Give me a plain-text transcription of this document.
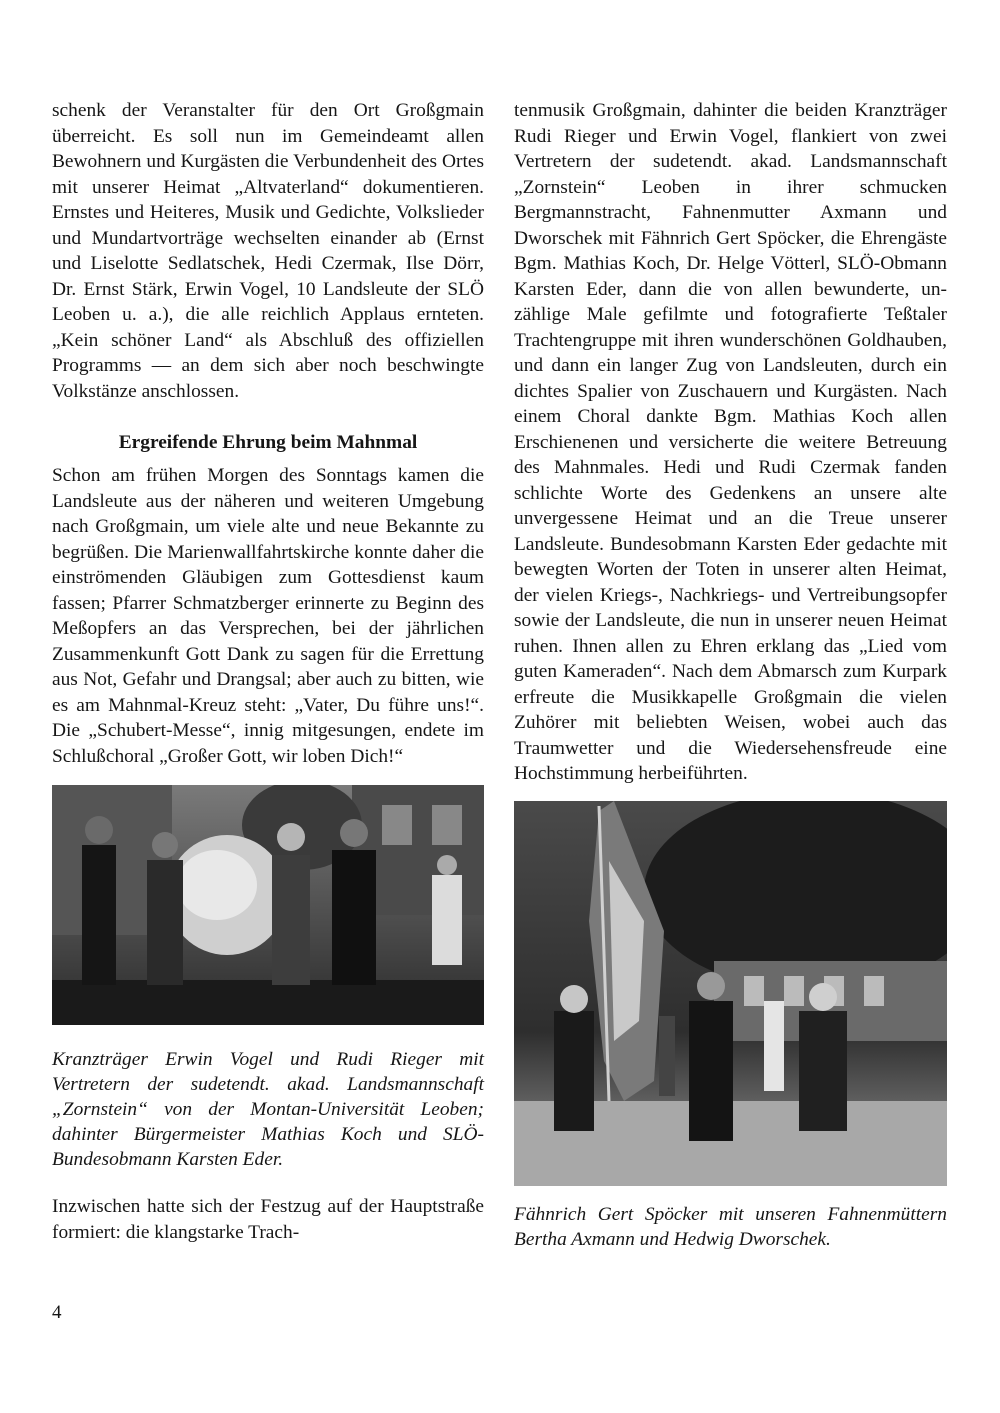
schenk der Veranstalter für den Ort Großgmain überreicht. Es soll nun im Gemeindeamt allen Bewohnern und Kurgästen die Verbundenheit des Ortes mit unserer Heimat „Altvaterland“ dokumentieren. Ernstes und Heiteres, Musik und Gedichte, Volkslieder und Mundartvorträge wechselten einander ab (Ernst und Liselotte Sedlatschek, Hedi Czermak, Ilse Dörr, Dr. Ernst Stärk, Erwin Vogel, 10 Landsleute der SLÖ Leoben u. a.), die alle reichlich Applaus ernteten. „Kein schöner Land“ als Abschluß des offiziellen Programms — an dem sich aber noch beschwingte Volkstänze anschlossen.

Ergreifende Ehrung beim Mahnmal

Schon am frühen Morgen des Sonntags kamen die Landsleute aus der näheren und weiteren Umgebung nach Großgmain, um viele alte und neue Bekannte zu begrüßen. Die Marienwallfahrtskirche konnte daher die einströmenden Gläubigen zum Gottesdienst kaum fassen; Pfarrer Schmatzberger erinnerte zu Beginn des Meßopfers an das Versprechen, bei der jährlichen Zusammenkunft Gott Dank zu sagen für die Errettung aus Not, Gefahr und Drangsal; aber auch zu bitten, wie es am Mahnmal-Kreuz steht: „Vater, Du führe uns!“. Die „Schubert-Messe“, innig mitgesungen, endete im Schlußchoral „Großer Gott, wir loben Dich!“

Kranzträger Erwin Vogel und Rudi Rieger mit Vertretern der sudetendt. akad. Landsmannschaft „Zornstein“ von der Montan-Universität Leoben; dahinter Bürgermeister Mathias Koch und SLÖ-Bundesobmann Karsten Eder.

Inzwischen hatte sich der Festzug auf der Hauptstraße formiert: die klangstarke Trach-

tenmusik Großgmain, dahinter die beiden Kranzträger Rudi Rieger und Erwin Vogel, flankiert von zwei Vertretern der sudetendt. akad. Landsmannschaft „Zornstein“ Leoben in ihrer schmucken Bergmannstracht, Fahnenmutter Axmann und Dworschek mit Fähnrich Gert Spöcker, die Ehrengäste Bgm. Mathias Koch, Dr. Helge Vötterl, SLÖ-Obmann Karsten Eder, dann die von allen bewunderte, unzählige Male gefilmte und fotografierte Teßtaler Trachtengruppe mit ihren wunderschönen Goldhauben, und dann ein langer Zug von Landsleuten, durch ein dichtes Spalier von Zuschauern und Kurgästen. Nach einem Choral dankte Bgm. Mathias Koch allen Erschienenen und versicherte die weitere Betreuung des Mahnmales. Hedi und Rudi Czermak fanden schlichte Worte des Gedenkens an unsere alte unvergessene Heimat und an die Treue unserer Landsleute. Bundesobmann Karsten Eder gedachte mit bewegten Worten der Toten in unserer alten Heimat, der vielen Kriegs-, Nachkriegs- und Vertreibungsopfer sowie der Landsleute, die nun in unserer neuen Heimat ruhen. Ihnen allen zu Ehren erklang das „Lied vom guten Kameraden“. Nach dem Abmarsch zum Kurpark erfreute die Musikkapelle Großgmain die vielen Zuhörer mit beliebten Weisen, wobei auch das Traumwetter und die Wiedersehensfreude eine Hochstimmung herbeiführten.

Fähnrich Gert Spöcker mit unseren Fahnenmüttern Bertha Axmann und Hedwig Dworschek.

4
